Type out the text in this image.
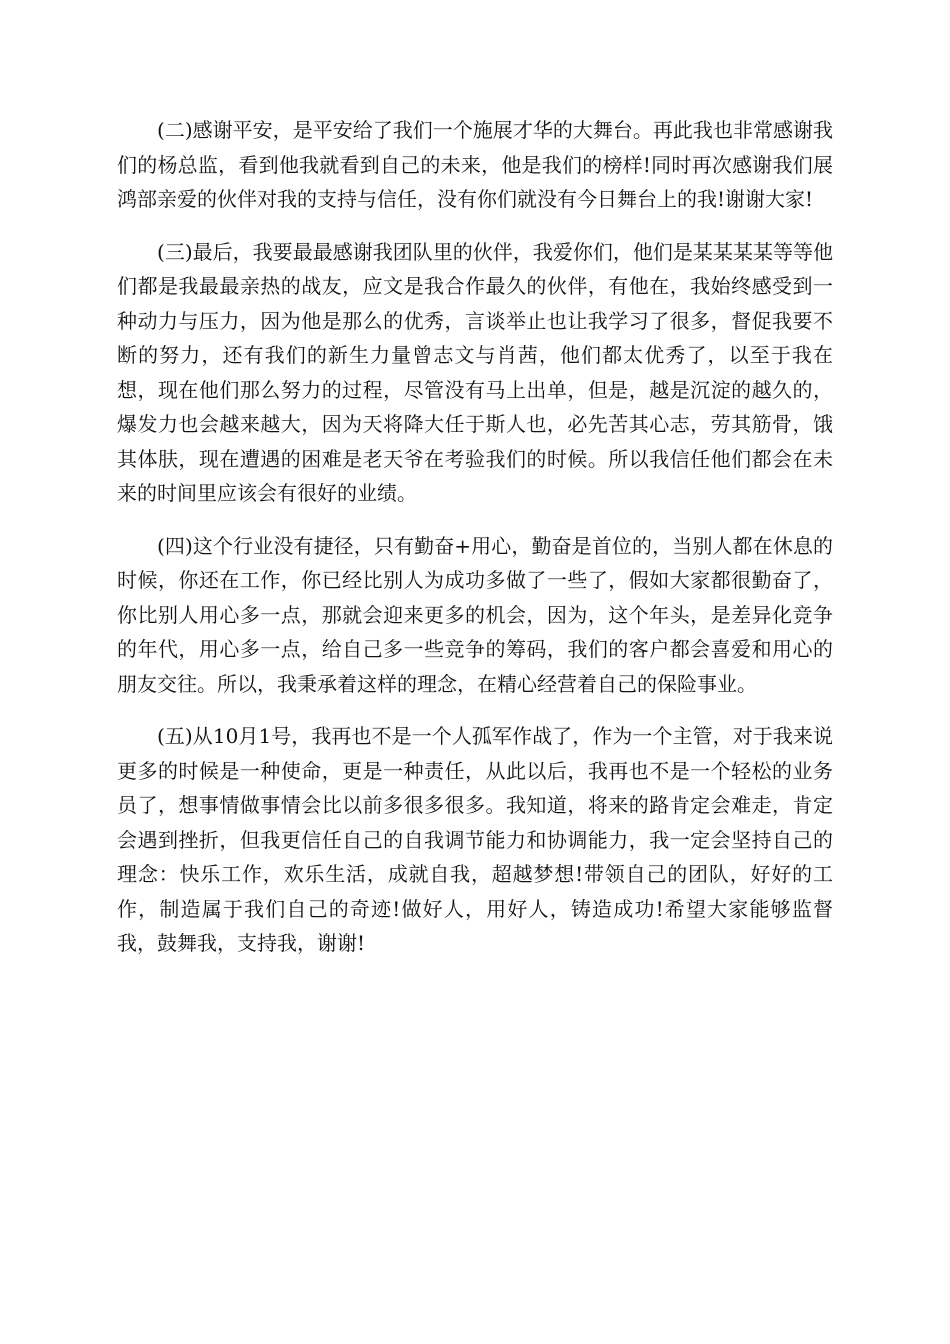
(二)感谢平安，是平安给了我们一个施展才华的大舞台。再此我也非常感谢我们的杨总监，看到他我就看到自己的未来，他是我们的榜样!同时再次感谢我们展鸿部亲爱的伙伴对我的支持与信任，没有你们就没有今日舞台上的我!谢谢大家!

(三)最后，我要最最感谢我团队里的伙伴，我爱你们，他们是某某某某等等他们都是我最最亲热的战友，应文是我合作最久的伙伴，有他在，我始终感受到一种动力与压力，因为他是那么的优秀，言谈举止也让我学习了很多，督促我要不断的努力，还有我们的新生力量曾志文与肖茜，他们都太优秀了，以至于我在想，现在他们那么努力的过程，尽管没有马上出单，但是，越是沉淀的越久的，爆发力也会越来越大，因为天将降大任于斯人也，必先苦其心志，劳其筋骨，饿其体肤，现在遭遇的困难是老天爷在考验我们的时候。所以我信任他们都会在未来的时间里应该会有很好的业绩。

(四)这个行业没有捷径，只有勤奋+用心，勤奋是首位的，当别人都在休息的时候，你还在工作，你已经比别人为成功多做了一些了，假如大家都很勤奋了，你比别人用心多一点，那就会迎来更多的机会，因为，这个年头，是差异化竞争的年代，用心多一点，给自己多一些竞争的筹码，我们的客户都会喜爱和用心的朋友交往。所以，我秉承着这样的理念，在精心经营着自己的保险事业。

(五)从10月1号，我再也不是一个人孤军作战了，作为一个主管，对于我来说更多的时候是一种使命，更是一种责任，从此以后，我再也不是一个轻松的业务员了，想事情做事情会比以前多很多很多。我知道，将来的路肯定会难走，肯定会遇到挫折，但我更信任自己的自我调节能力和协调能力，我一定会坚持自己的理念：快乐工作，欢乐生活，成就自我，超越梦想!带领自己的团队，好好的工作，制造属于我们自己的奇迹!做好人，用好人，铸造成功!希望大家能够监督我，鼓舞我，支持我，谢谢!
